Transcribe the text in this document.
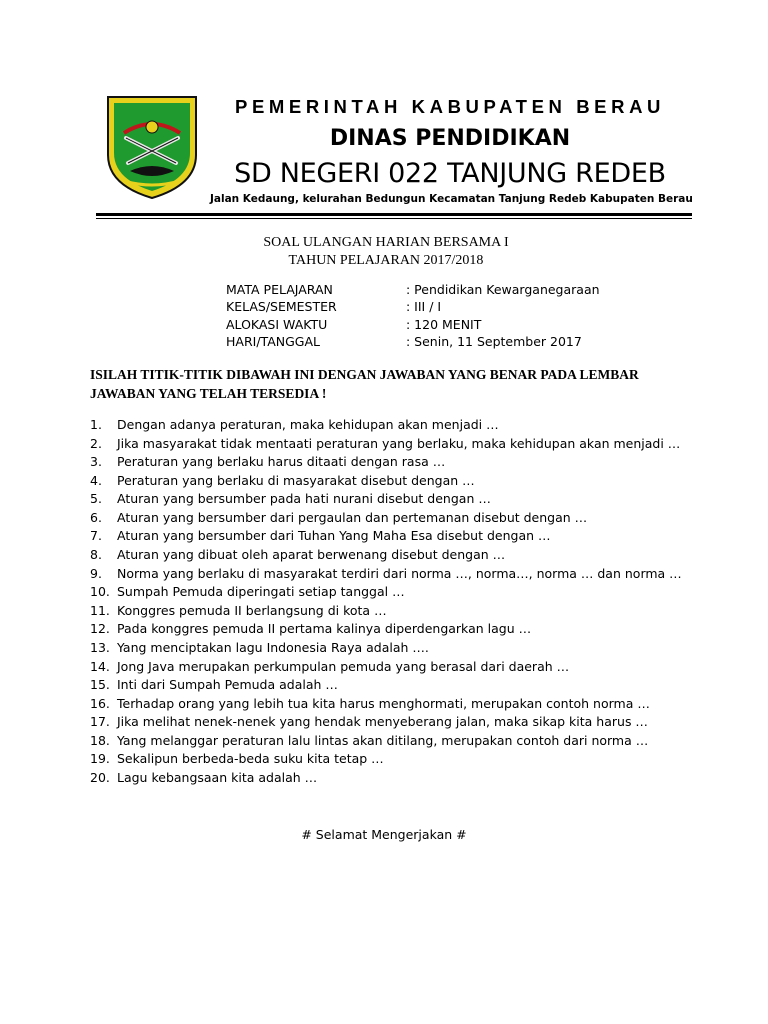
PEMERINTAH KABUPATEN BERAU
DINAS PENDIDIKAN
SD NEGERI 022 TANJUNG REDEB
Jalan Kedaung, kelurahan Bedungun Kecamatan Tanjung Redeb Kabupaten Berau
SOAL ULANGAN HARIAN BERSAMA I
TAHUN PELAJARAN 2017/2018
MATA PELAJARAN	: Pendidikan Kewarganegaraan
KELAS/SEMESTER	: III / I
ALOKASI WAKTU	: 120 MENIT
HARI/TANGGAL	: Senin, 11 September 2017
ISILAH TITIK-TITIK DIBAWAH INI DENGAN JAWABAN YANG BENAR PADA LEMBAR
JAWABAN YANG TELAH TERSEDIA !
1. Dengan adanya peraturan, maka kehidupan akan menjadi …
2. Jika masyarakat tidak mentaati peraturan yang berlaku, maka kehidupan akan menjadi …
3. Peraturan yang berlaku harus ditaati dengan rasa …
4. Peraturan yang berlaku di masyarakat disebut dengan …
5. Aturan yang bersumber pada hati nurani disebut dengan …
6. Aturan yang bersumber dari pergaulan dan pertemanan disebut dengan …
7. Aturan yang bersumber dari Tuhan Yang Maha Esa disebut dengan …
8. Aturan yang dibuat oleh aparat berwenang disebut dengan …
9. Norma yang berlaku di masyarakat terdiri dari norma …, norma…, norma … dan norma …
10. Sumpah Pemuda diperingati setiap tanggal …
11. Konggres pemuda II berlangsung di kota …
12. Pada konggres pemuda II pertama kalinya diperdengarkan lagu …
13. Yang menciptakan lagu Indonesia Raya adalah ….
14. Jong Java merupakan perkumpulan pemuda yang berasal dari daerah …
15. Inti dari Sumpah Pemuda adalah …
16. Terhadap orang yang lebih tua kita harus menghormati, merupakan contoh norma …
17. Jika melihat nenek-nenek yang hendak menyeberang jalan, maka sikap kita harus …
18. Yang melanggar peraturan lalu lintas akan ditilang, merupakan contoh dari norma …
19. Sekalipun berbeda-beda suku kita tetap …
20. Lagu kebangsaan kita adalah …
# Selamat Mengerjakan #
